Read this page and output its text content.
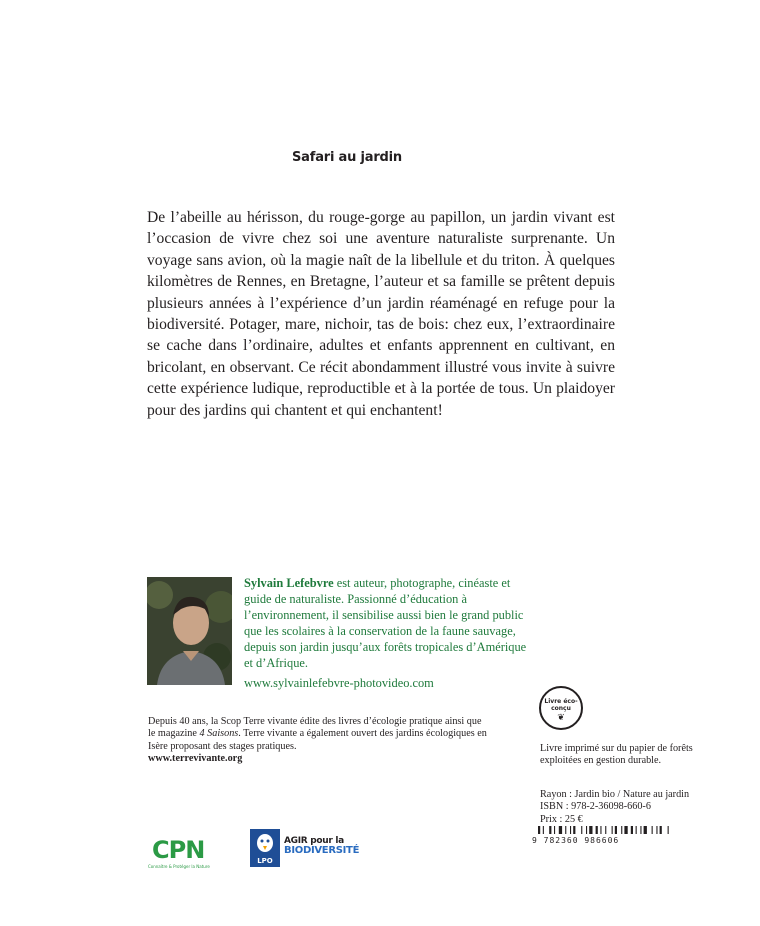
Safari au jardin

De l’abeille au hérisson, du rouge-gorge au papillon, un jardin vivant est l’occasion de vivre chez soi une aventure naturaliste surprenante. Un voyage sans avion, où la magie naît de la libellule et du triton. À quelques kilomètres de Rennes, en Bretagne, l’auteur et sa famille se prêtent depuis plusieurs années à l’expérience d’un jardin réaménagé en refuge pour la biodiversité. Potager, mare, nichoir, tas de bois: chez eux, l’extraordinaire se cache dans l’ordinaire, adultes et enfants apprennent en cultivant, en bricolant, en observant. Ce récit abondamment illustré vous invite à suivre cette expérience ludique, reproductible et à la portée de tous. Un plaidoyer pour des jardins qui chantent et qui enchantent!

Sylvain Lefebvre est auteur, photographe, cinéaste et guide de naturaliste. Passionné d’éducation à l’environnement, il sensibilise aussi bien le grand public que les scolaires à la conservation de la faune sauvage, depuis son jardin jusqu’aux forêts tropicales d’Amérique et d’Afrique.
www.sylvainlefebvre-photovideo.com
Depuis 40 ans, la Scop Terre vivante édite des livres d’écologie pratique ainsi que le magazine 4 Saisons. Terre vivante a également ouvert des jardins écologiques en Isère proposant des stages pratiques.
www.terrevivante.org
Livre éco-conçu
❦
Livre imprimé sur du papier de forêts exploitées en gestion durable.
Rayon : Jardin bio / Nature au jardin
ISBN : 978-2-36098-660-6
Prix : 25 €
9 782360 986606
CPN
Connaître & Protéger la Nature
LPO
AGIR pour la
BIODIVERSITÉ
